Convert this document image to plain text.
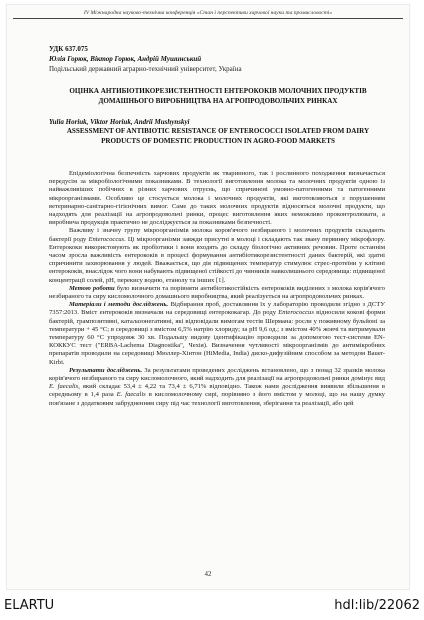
IV Міжнародна науково-технічна конференція «Стан і перспективи харчової науки та промисловості»
УДК 637.075
Юлія Горюк, Віктор Горюк, Андрій Мушинський
Подільський державний аграрно-технічний університет, Україна
ОЦІНКА АНТИБІОТИКОРЕЗИСТЕНТНОСТІ ЕНТЕРОКОКІВ МОЛОЧНИХ ПРОДУКТІВ ДОМАШНЬОГО ВИРОБНИЦТВА НА АГРОПРОДОВОЛЬЧИХ РИНКАХ
Yulia Horiuk, Viktor Horiuk, Andrii Mushynskyi
ASSESSMENT OF ANTIBIOTIC RESISTANCE OF ENTEROCOCCI ISOLATED FROM DAIRY PRODUCTS OF DOMESTIC PRODUCTION IN AGRO-FOOD MARKETS

Епідеміологічна безпечність харчових продуктів як тваринного, так і рослинного походження визначається передусім за мікробіологічними показниками. В технології виготовлення молока та молочних продуктів одною із найважливіших побічних в різних харчових отруєнь, що спричинені умовно-патогенними та патогенними мікроорганізмами. Особливо це стосується молока і молочних продуктів, які виготовляються з порушенням ветеринарно-санітарно-гігієнічних вимог. Саме до таких молочних продуктів відносяться молочні продукти, що надходять для реалізації на агропродовольчі ринки, процес виготовлення яких неможливо проконтролювати, а виробнича продукція практично не досліджується за показниками безпечності.

Важливу і значну групу мікроорганізмів молока коров'ячого незбираного і молочних продуктів складають бактерії роду Enterococcus. Ці мікроорганізми завжди присутні в молоці і складають так звану первинну мікрофлору. Ентерококи використовують як пробіотики і вони входять до складу біологічно активних речовин. Проте останнім часом зросла важливість ентерококів в процесі формування антибіотикорезистентності даних бактерій, які здатні спричинити захворювання у людей. Вважається, що дія підвищених температур стимулює стрес-протеїни у клітині ентерококів, внаслідок чого вони набувають підвищеної стійкості до чинників навколишнього середовища: підвищеної концентрації солей, pH, перекису водню, етанолу та інших [1].

Метою роботи було визначити та порівняти антибіотикостійкість ентерококів виділених з молока корів'ячого незбираного та сиру кисломолочного домашнього виробництва, який реалізується на агропродовольчих ринках.

Матеріали і методи досліджень. Відбирання проб, доставляння їх у лабораторію проводили згідно з ДСТУ 7357:2013. Вміст ентерококів визначали на середовищі ентерококагар. До роду Enterococcus відносили кокові форми бактерій, грампозитивні, каталазонегативні, які відповідали вимогам тестів Шермана: росли у поживному бульйоні за температури + 45 °C; в середовищі з вмістом 6,5% натрію хлориду; за pH 9,6 од.; з вмістом 40% жовчі та витримували температуру 60 °C упродовж 30 хв. Подальшу видову ідентифікацію проводили за допомогою тест-системи EN-КОККУС тест ("ERBA-Lachema Diagnostika", Чехія). Визначення чутливості мікроорганізмів до антимікробних препаратів проводили на середовищі Мюллер-Хінтон (HiMedia, India) диско-дифузійним способом за методом Bauer-Kirbi.

Результати досліджень. За результатами проведених досліджень встановлено, що з понад 32 зразків молока корів'ячого незбираного та сиру кисломолочного, який надходить для реалізації на агропродовольчі ринки домінує вид E. faecalis, який складає 53,4 ± 4,22 та 73,4 ± 6,71% відповідно. Також нами дослідження виявили збільшення в середньому в 1,4 раза E. faecalis в кисломолочному сирі, порівняно з його вмістом у молоці, що на нашу думку пов'язане з додатковим забрудненням сиру під час технології виготовлення, зберігання та реалізації, або цей

42
ELARTU	hdl:lib/22062
